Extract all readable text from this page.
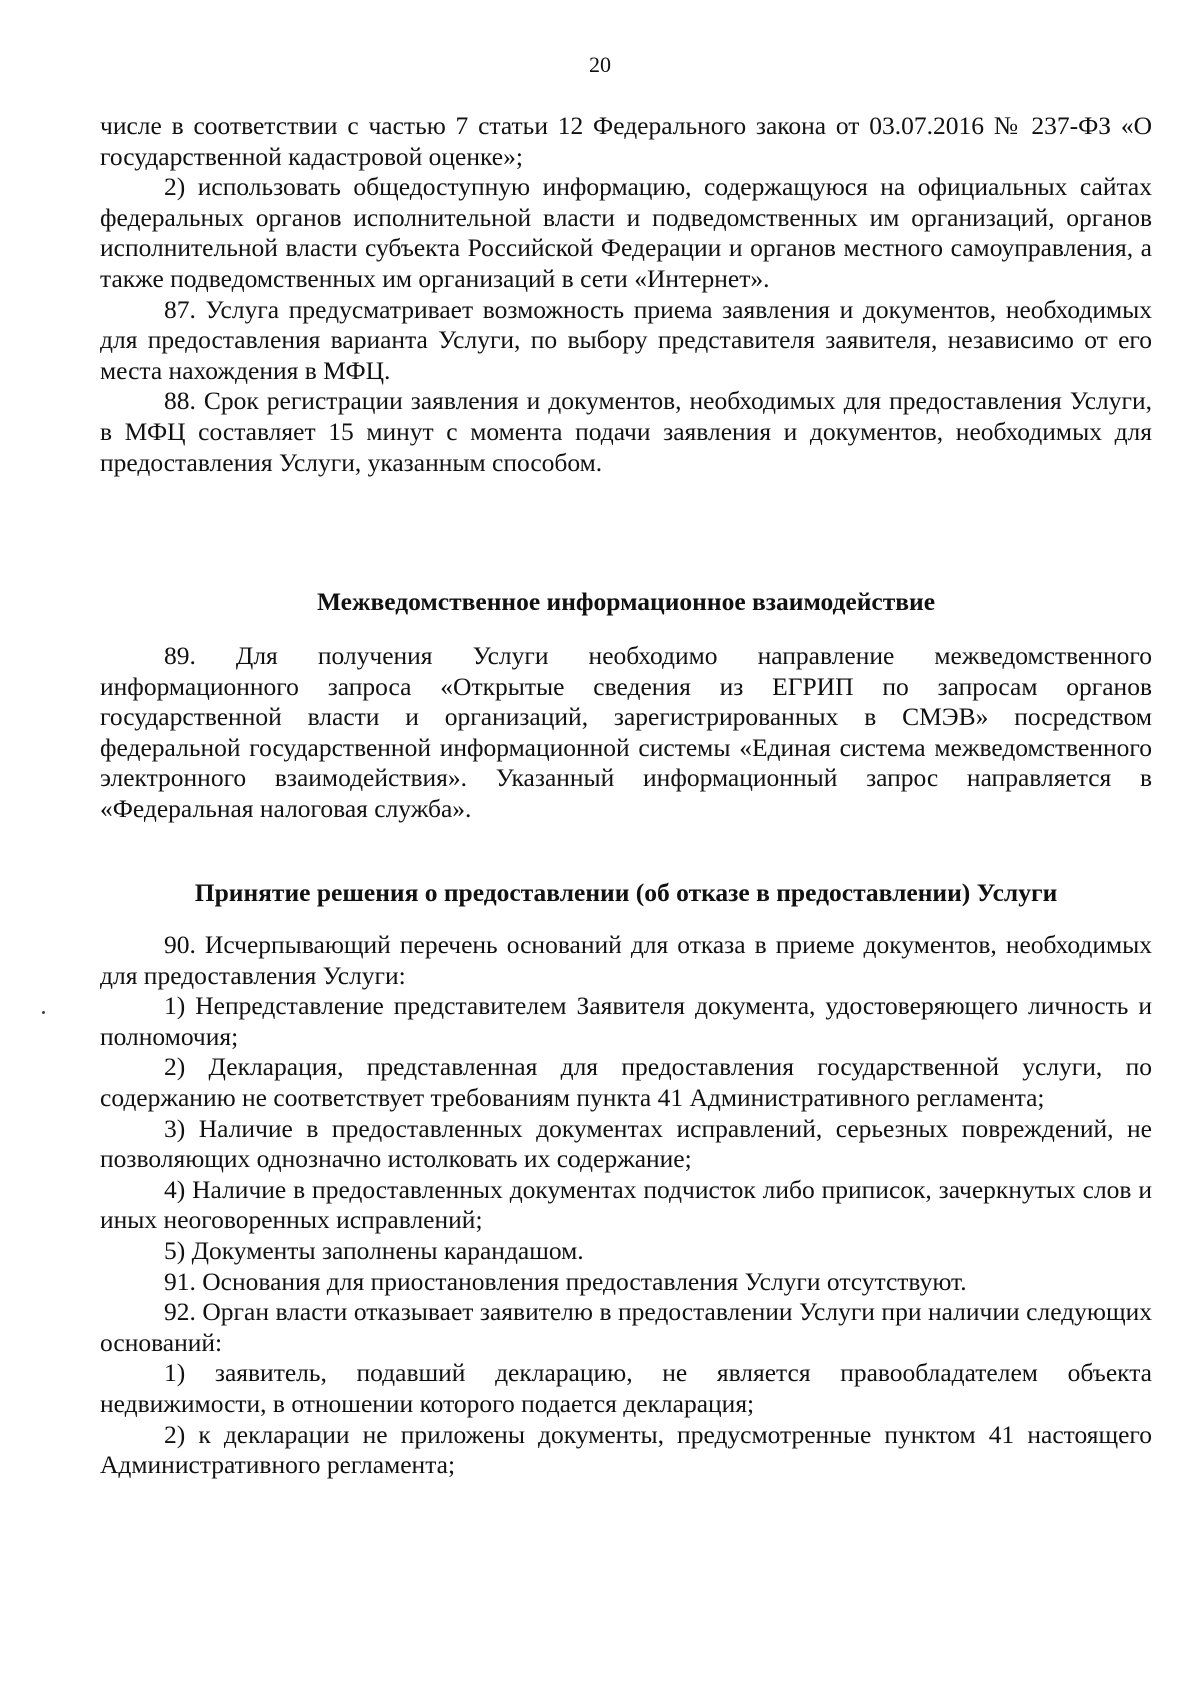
20

числе в соответствии с частью 7 статьи 12 Федерального закона от 03.07.2016 № 237-ФЗ «О государственной кадастровой оценке»;

2) использовать общедоступную информацию, содержащуюся на официальных сайтах федеральных органов исполнительной власти и подведомственных им организаций, органов исполнительной власти субъекта Российской Федерации и органов местного самоуправления, а также подведомственных им организаций в сети «Интернет».

87. Услуга предусматривает возможность приема заявления и документов, необходимых для предоставления варианта Услуги, по выбору представителя заявителя, независимо от его места нахождения в МФЦ.

88. Срок регистрации заявления и документов, необходимых для предоставления Услуги, в МФЦ составляет 15 минут с момента подачи заявления и документов, необходимых для предоставления Услуги, указанным способом.

Межведомственное информационное взаимодействие

89. Для получения Услуги необходимо направление межведомственного информационного запроса «Открытые сведения из ЕГРИП по запросам органов государственной власти и организаций, зарегистрированных в СМЭВ» посредством федеральной государственной информационной системы «Единая система межведомственного электронного взаимодействия». Указанный информационный запрос направляется в «Федеральная налоговая служба».

Принятие решения о предоставлении (об отказе в предоставлении) Услуги

90. Исчерпывающий перечень оснований для отказа в приеме документов, необходимых для предоставления Услуги:

1) Непредставление представителем Заявителя документа, удостоверяющего личность и полномочия;

2) Декларация, представленная для предоставления государственной услуги, по содержанию не соответствует требованиям пункта 41 Административного регламента;

3) Наличие в предоставленных документах исправлений, серьезных повреждений, не позволяющих однозначно истолковать их содержание;

4) Наличие в предоставленных документах подчисток либо приписок, зачеркнутых слов и иных неоговоренных исправлений;

5) Документы заполнены карандашом.

91. Основания для приостановления предоставления Услуги отсутствуют.

92. Орган власти отказывает заявителю в предоставлении Услуги при наличии следующих оснований:

1) заявитель, подавший декларацию, не является правообладателем объекта недвижимости, в отношении которого подается декларация;

2) к декларации не приложены документы, предусмотренные пунктом 41 настоящего Административного регламента;
